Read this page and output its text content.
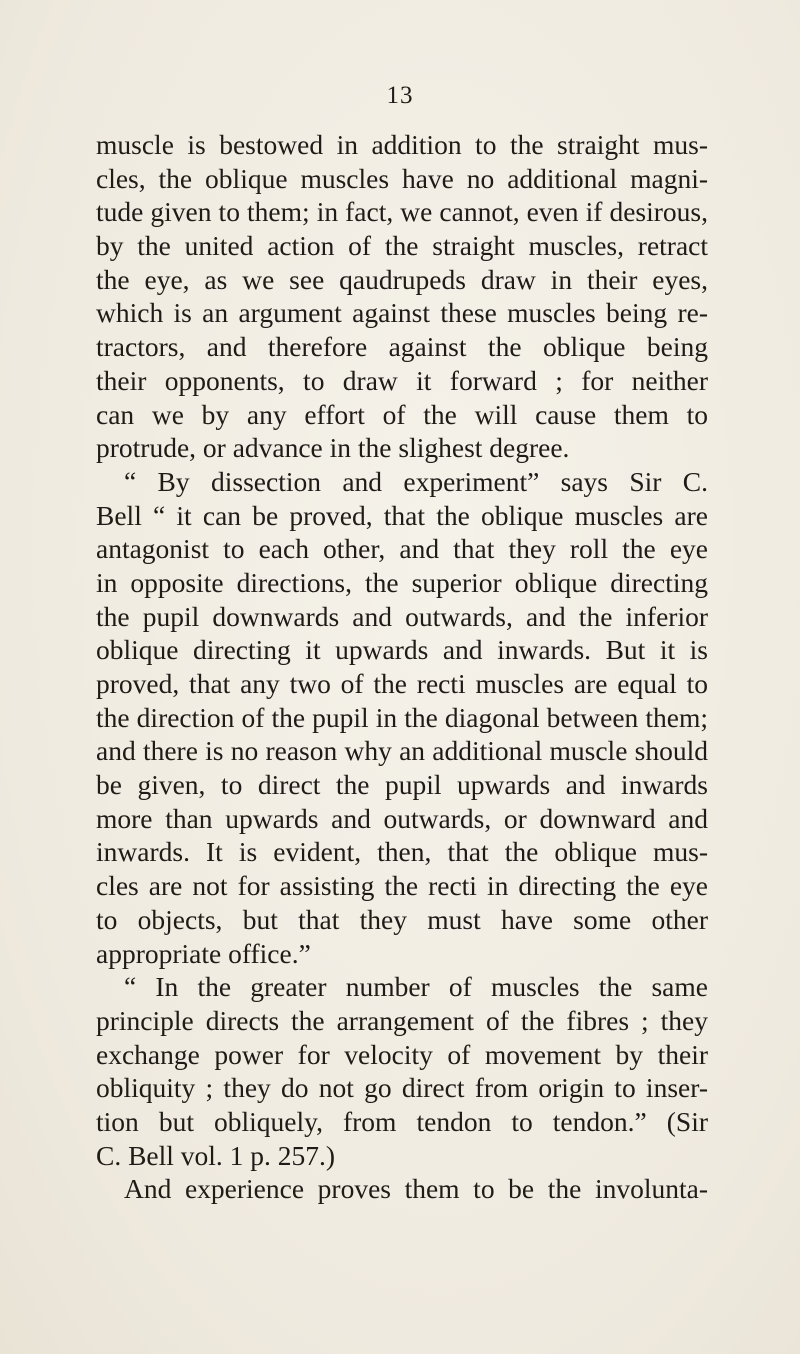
13
muscle is bestowed in addition to the straight mus-
cles, the oblique muscles have no additional magni-
tude given to them; in fact, we cannot, even if desirous,
by the united action of the straight muscles, retract
the eye, as we see qaudrupeds draw in their eyes,
which is an argument against these muscles being re-
tractors, and therefore against the oblique being
their opponents, to draw it forward ; for neither
can we by any effort of the will cause them to
protrude, or advance in the slighest degree.
“ By dissection and experiment” says Sir C.
Bell “ it can be proved, that the oblique muscles are
antagonist to each other, and that they roll the eye
in opposite directions, the superior oblique directing
the pupil downwards and outwards, and the inferior
oblique directing it upwards and inwards. But it is
proved, that any two of the recti muscles are equal to
the direction of the pupil in the diagonal between them;
and there is no reason why an additional muscle should
be given, to direct the pupil upwards and inwards
more than upwards and outwards, or downward and
inwards. It is evident, then, that the oblique mus-
cles are not for assisting the recti in directing the eye
to objects, but that they must have some other
appropriate office.”
“ In the greater number of muscles the same
principle directs the arrangement of the fibres ; they
exchange power for velocity of movement by their
obliquity ; they do not go direct from origin to inser-
tion but obliquely, from tendon to tendon.” (Sir
C. Bell vol. 1 p. 257.)
And experience proves them to be the involunta-
